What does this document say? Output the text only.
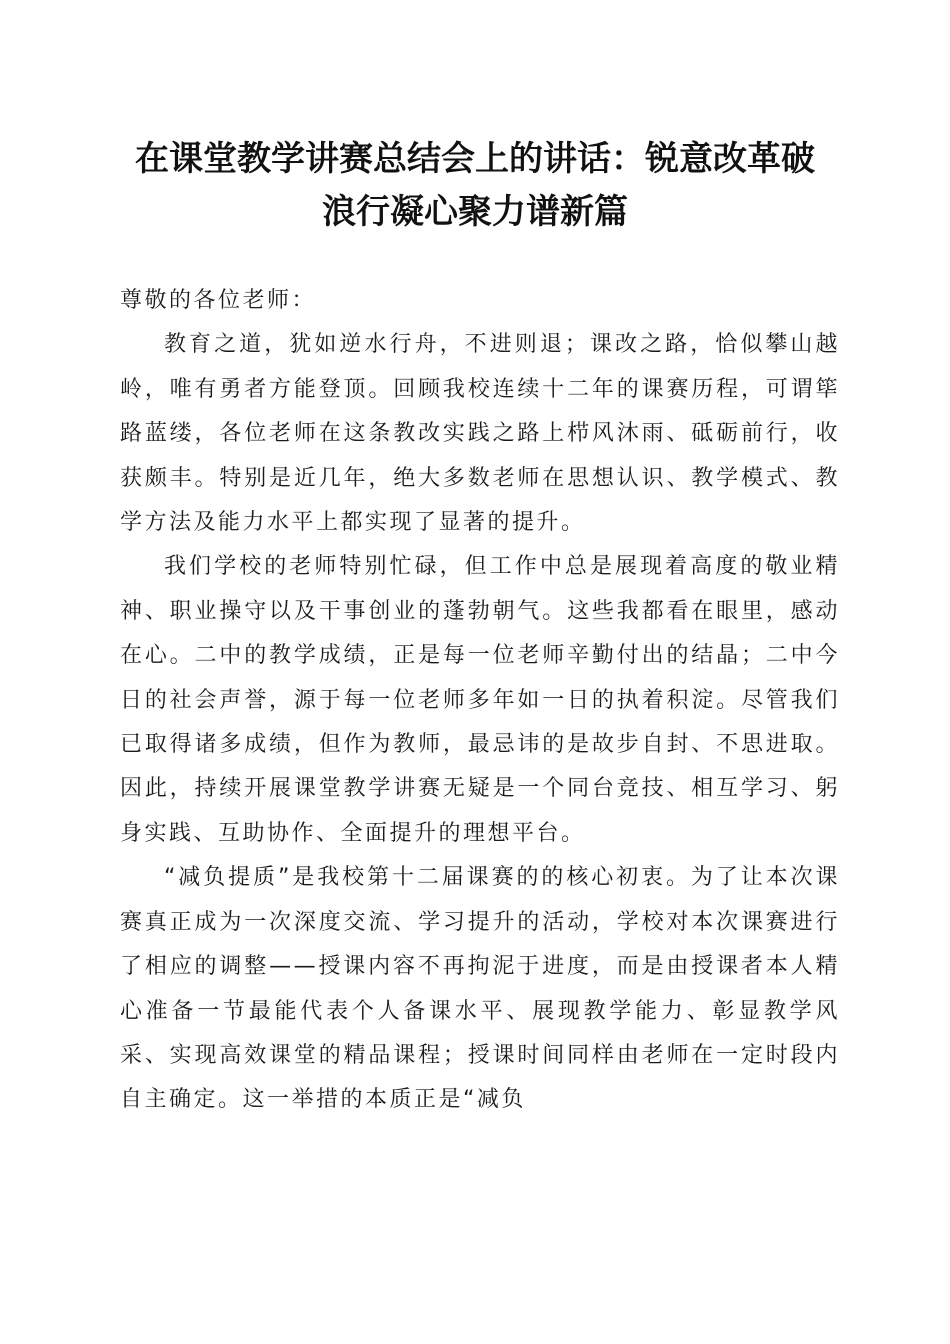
在课堂教学讲赛总结会上的讲话：锐意改革破
浪行凝心聚力谱新篇

尊敬的各位老师：

教育之道，犹如逆水行舟，不进则退；课改之路，恰似攀山越岭，唯有勇者方能登顶。回顾我校连续十二年的课赛历程，可谓筚路蓝缕，各位老师在这条教改实践之路上栉风沐雨、砥砺前行，收获颇丰。特别是近几年，绝大多数老师在思想认识、教学模式、教学方法及能力水平上都实现了显著的提升。

我们学校的老师特别忙碌，但工作中总是展现着高度的敬业精神、职业操守以及干事创业的蓬勃朝气。这些我都看在眼里，感动在心。二中的教学成绩，正是每一位老师辛勤付出的结晶；二中今日的社会声誉，源于每一位老师多年如一日的执着积淀。尽管我们已取得诸多成绩，但作为教师，最忌讳的是故步自封、不思进取。因此，持续开展课堂教学讲赛无疑是一个同台竞技、相互学习、躬身实践、互助协作、全面提升的理想平台。

“减负提质”是我校第十二届课赛的的核心初衷。为了让本次课赛真正成为一次深度交流、学习提升的活动，学校对本次课赛进行了相应的调整——授课内容不再拘泥于进度，而是由授课者本人精心准备一节最能代表个人备课水平、展现教学能力、彰显教学风采、实现高效课堂的精品课程；授课时间同样由老师在一定时段内自主确定。这一举措的本质正是“减负
